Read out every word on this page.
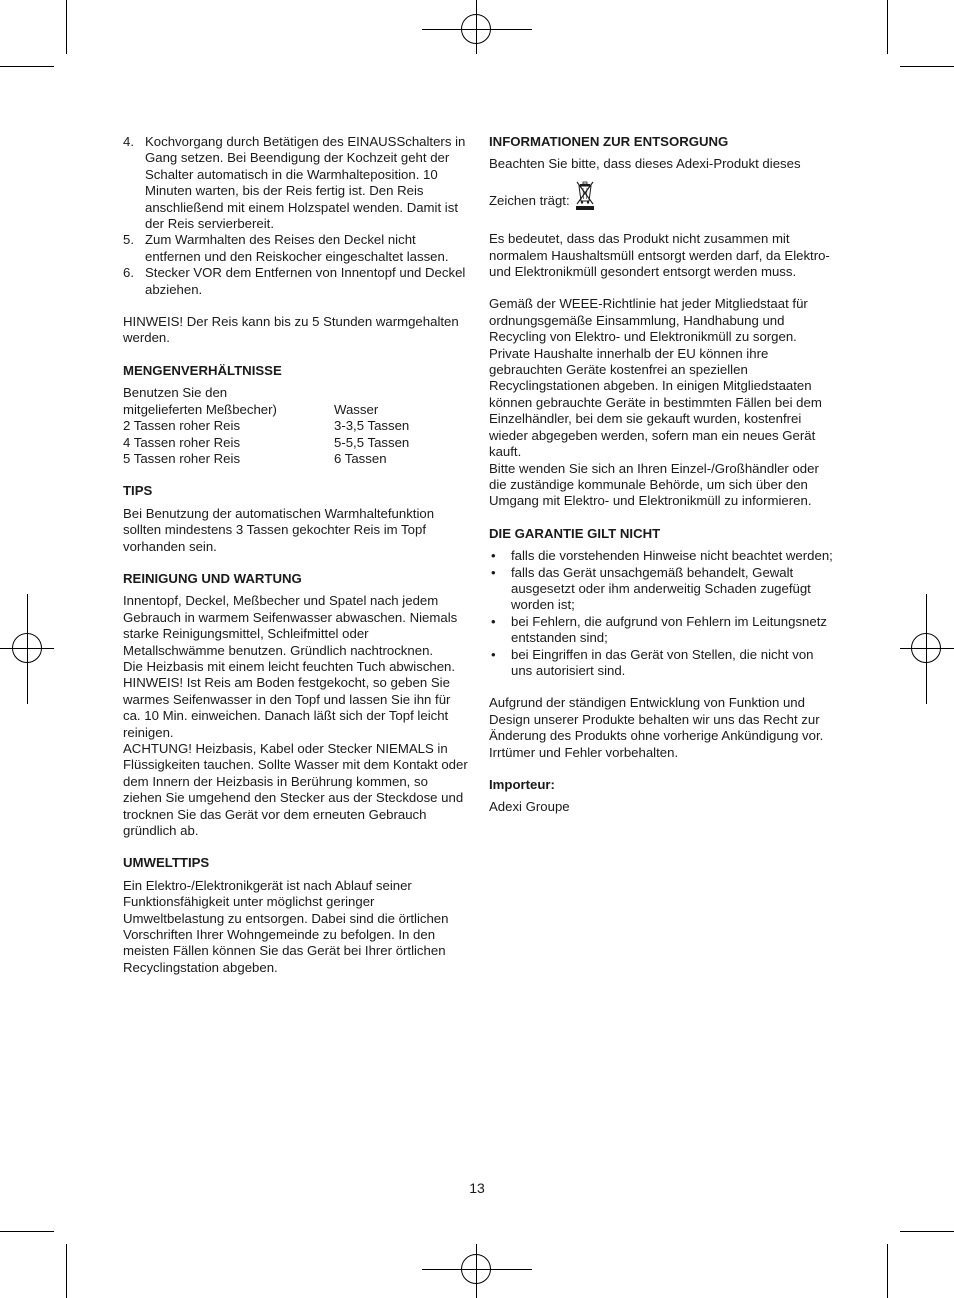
4. Kochvorgang durch Betätigen des EINAUSSchalters in Gang setzen. Bei Beendigung der Kochzeit geht der Schalter automatisch in die Warmhalteposition. 10 Minuten warten, bis der Reis fertig ist. Den Reis anschließend mit einem Holzspatel wenden. Damit ist der Reis servierbereit.
5. Zum Warmhalten des Reises den Deckel nicht entfernen und den Reiskocher eingeschaltet lassen.
6. Stecker VOR dem Entfernen von Innentopf und Deckel abziehen.

HINWEIS! Der Reis kann bis zu 5 Stunden warmgehalten werden.

MENGENVERHÄLTNISSE
Benutzen Sie den	
mitgelieferten Meßbecher)	Wasser
2 Tassen roher Reis	3-3,5 Tassen
4 Tassen roher Reis	5-5,5 Tassen
5 Tassen roher Reis	6 Tassen
TIPS

Bei Benutzung der automatischen Warmhaltefunktion sollten mindestens 3 Tassen gekochter Reis im Topf vorhanden sein.

REINIGUNG UND WARTUNG
Innentopf, Deckel, Meßbecher und Spatel nach jedem Gebrauch in warmem Seifenwasser abwaschen. Niemals starke Reinigungsmittel, Schleifmittel oder Metallschwämme benutzen. Gründlich nachtrocknen.
Die Heizbasis mit einem leicht feuchten Tuch abwischen.
HINWEIS! Ist Reis am Boden festgekocht, so geben Sie warmes Seifenwasser in den Topf und lassen Sie ihn für ca. 10 Min. einweichen. Danach läßt sich der Topf leicht reinigen.
ACHTUNG! Heizbasis, Kabel oder Stecker NIEMALS in Flüssigkeiten tauchen. Sollte Wasser mit dem Kontakt oder dem Innern der Heizbasis in Berührung kommen, so ziehen Sie umgehend den Stecker aus der Steckdose und trocknen Sie das Gerät vor dem erneuten Gebrauch gründlich ab.
UMWELTTIPS

Ein Elektro-/Elektronikgerät ist nach Ablauf seiner Funktionsfähigkeit unter möglichst geringer Umweltbelastung zu entsorgen. Dabei sind die örtlichen Vorschriften Ihrer Wohngemeinde zu befolgen. In den meisten Fällen können Sie das Gerät bei Ihrer örtlichen Recyclingstation abgeben.

INFORMATIONEN ZUR ENTSORGUNG
Beachten Sie bitte, dass dieses Adexi-Produkt dieses
Zeichen trägt:

Es bedeutet, dass das Produkt nicht zusammen mit normalem Haushaltsmüll entsorgt werden darf, da Elektro- und Elektronikmüll gesondert entsorgt werden muss.

Gemäß der WEEE-Richtlinie hat jeder Mitgliedstaat für ordnungsgemäße Einsammlung, Handhabung und Recycling von Elektro- und Elektronikmüll zu sorgen. Private Haushalte innerhalb der EU können ihre gebrauchten Geräte kostenfrei an speziellen Recyclingstationen abgeben. In einigen Mitgliedstaaten können gebrauchte Geräte in bestimmten Fällen bei dem Einzelhändler, bei dem sie gekauft wurden, kostenfrei wieder abgegeben werden, sofern man ein neues Gerät kauft.
Bitte wenden Sie sich an Ihren Einzel-/Großhändler oder die zuständige kommunale Behörde, um sich über den Umgang mit Elektro- und Elektronikmüll zu informieren.
DIE GARANTIE GILT NICHT
• falls die vorstehenden Hinweise nicht beachtet werden;
• falls das Gerät unsachgemäß behandelt, Gewalt ausgesetzt oder ihm anderweitig Schaden zugefügt worden ist;
• bei Fehlern, die aufgrund von Fehlern im Leitungsnetz entstanden sind;
• bei Eingriffen in das Gerät von Stellen, die nicht von uns autorisiert sind.

Aufgrund der ständigen Entwicklung von Funktion und Design unserer Produkte behalten wir uns das Recht zur Änderung des Produkts ohne vorherige Ankündigung vor. Irrtümer und Fehler vorbehalten.

Importeur:
Adexi Groupe
13
